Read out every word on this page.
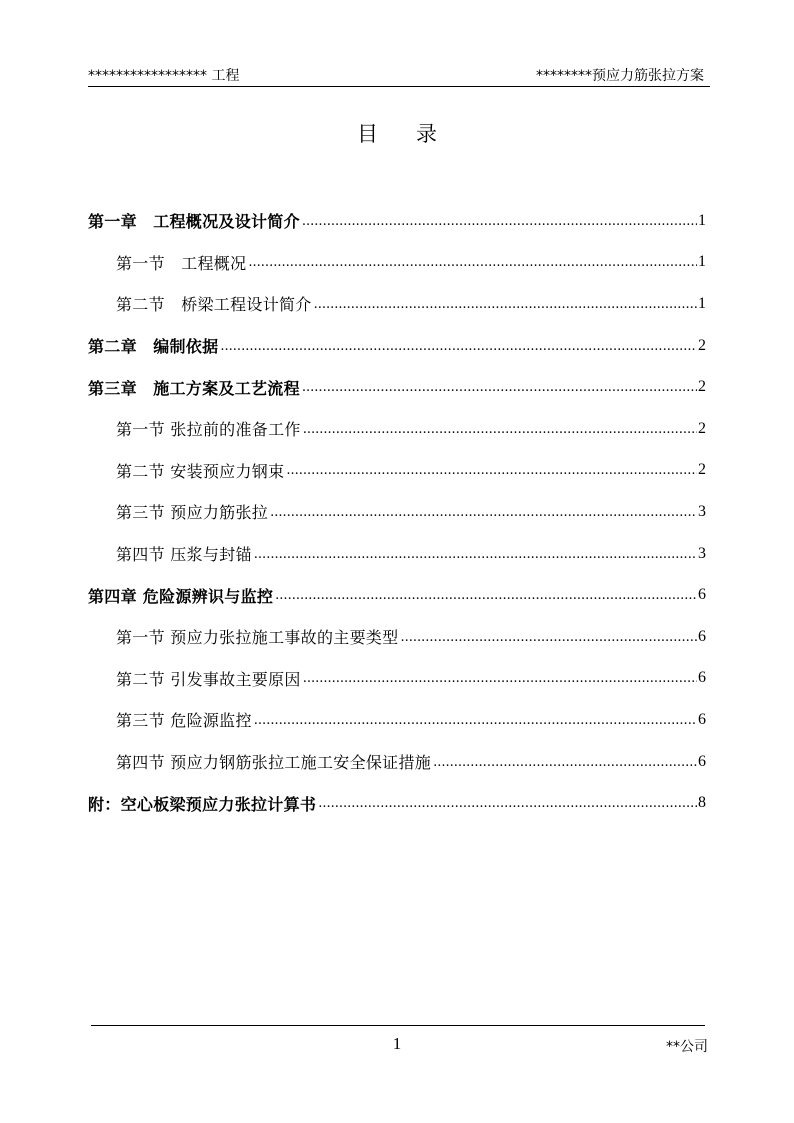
***************** 工程	********预应力筋张拉方案
目录
第一章　工程概况及设计简介 .....	1
第一节　工程概况 .....	1
第二节　桥梁工程设计简介 .....	1
第二章　编制依据 .....	2
第三章　施工方案及工艺流程 .....	2
第一节 张拉前的准备工作 .....	2
第二节 安装预应力钢束 .....	2
第三节 预应力筋张拉 .....	3
第四节 压浆与封锚 .....	3
第四章 危险源辨识与监控 .....	6
第一节 预应力张拉施工事故的主要类型 .....	6
第二节 引发事故主要原因 .....	6
第三节 危险源监控 .....	6
第四节 预应力钢筋张拉工施工安全保证措施 .....	6
附：空心板梁预应力张拉计算书 .....	8
1	**公司
